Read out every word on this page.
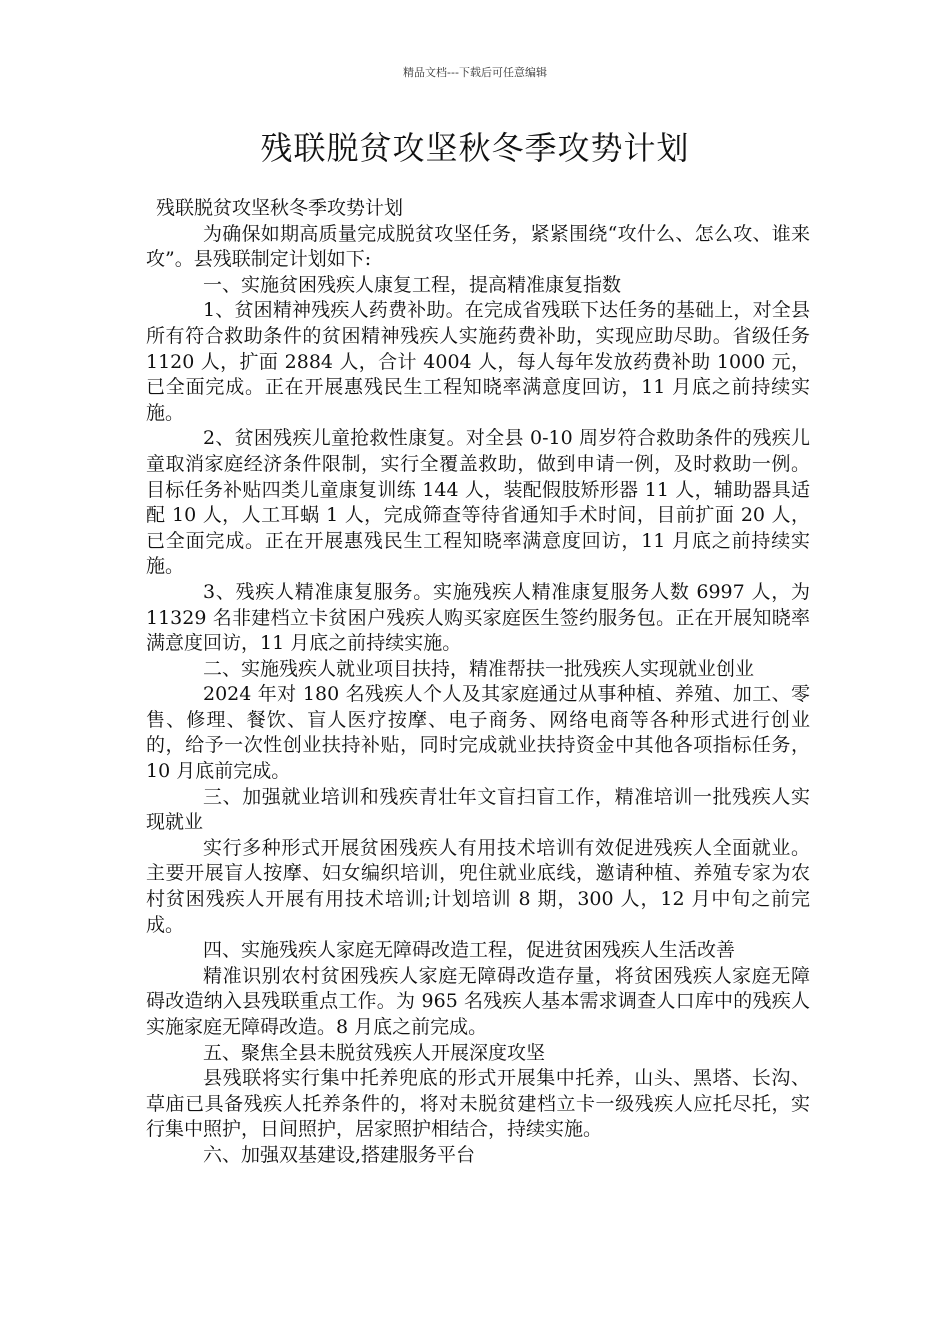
精品文档---下载后可任意编辑
残联脱贫攻坚秋冬季攻势计划

残联脱贫攻坚秋冬季攻势计划

为确保如期高质量完成脱贫攻坚任务，紧紧围绕“攻什么、怎么攻、谁来攻”。县残联制定计划如下:

一、实施贫困残疾人康复工程，提高精准康复指数

1、贫困精神残疾人药费补助。在完成省残联下达任务的基础上，对全县所有符合救助条件的贫困精神残疾人实施药费补助，实现应助尽助。省级任务 1120 人，扩面 2884 人，合计 4004 人，每人每年发放药费补助 1000 元，已全面完成。正在开展惠残民生工程知晓率满意度回访，11 月底之前持续实施。

2、贫困残疾儿童抢救性康复。对全县 0-10 周岁符合救助条件的残疾儿童取消家庭经济条件限制，实行全覆盖救助，做到申请一例，及时救助一例。目标任务补贴四类儿童康复训练 144 人，装配假肢矫形器 11 人，辅助器具适配 10 人，人工耳蜗 1 人，完成筛查等待省通知手术时间，目前扩面 20 人，已全面完成。正在开展惠残民生工程知晓率满意度回访，11 月底之前持续实施。

3、残疾人精准康复服务。实施残疾人精准康复服务人数 6997 人，为 11329 名非建档立卡贫困户残疾人购买家庭医生签约服务包。正在开展知晓率满意度回访，11 月底之前持续实施。

二、实施残疾人就业项目扶持，精准帮扶一批残疾人实现就业创业

2024 年对 180 名残疾人个人及其家庭通过从事种植、养殖、加工、零售、修理、餐饮、盲人医疗按摩、电子商务、网络电商等各种形式进行创业的，给予一次性创业扶持补贴，同时完成就业扶持资金中其他各项指标任务，10 月底前完成。

三、加强就业培训和残疾青壮年文盲扫盲工作，精准培训一批残疾人实现就业

实行多种形式开展贫困残疾人有用技术培训有效促进残疾人全面就业。主要开展盲人按摩、妇女编织培训，兜住就业底线，邀请种植、养殖专家为农村贫困残疾人开展有用技术培训;计划培训 8 期，300 人，12 月中旬之前完成。

四、实施残疾人家庭无障碍改造工程，促进贫困残疾人生活改善

精准识别农村贫困残疾人家庭无障碍改造存量，将贫困残疾人家庭无障碍改造纳入县残联重点工作。为 965 名残疾人基本需求调查人口库中的残疾人实施家庭无障碍改造。8 月底之前完成。

五、聚焦全县未脱贫残疾人开展深度攻坚

县残联将实行集中托养兜底的形式开展集中托养，山头、黑塔、长沟、草庙已具备残疾人托养条件的，将对未脱贫建档立卡一级残疾人应托尽托，实行集中照护，日间照护，居家照护相结合，持续实施。

六、加强双基建设,搭建服务平台
